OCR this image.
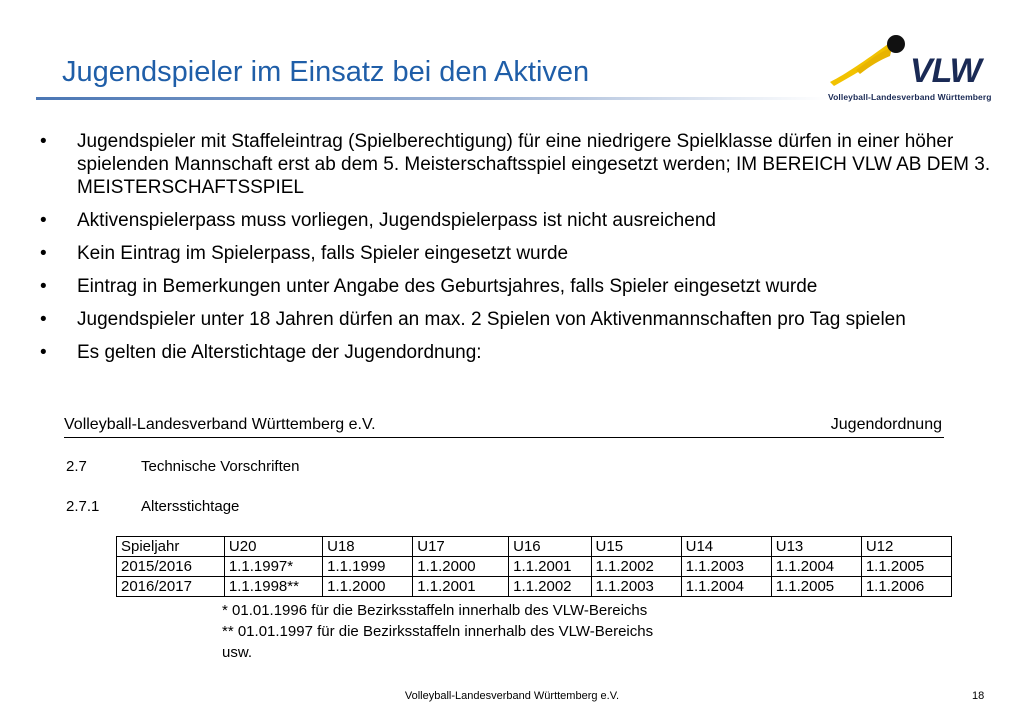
Jugendspieler im Einsatz bei den Aktiven	VLW
Volleyball-Landesverband Württemberg
• Jugendspieler mit Staffeleintrag (Spielberechtigung) für eine niedrigere Spielklasse dürfen in einer höher spielenden Mannschaft erst ab dem 5. Meisterschaftsspiel eingesetzt werden; IM BEREICH VLW AB DEM 3. MEISTERSCHAFTSSPIEL
• Aktivenspielerpass muss vorliegen, Jugendspielerpass ist nicht ausreichend
• Kein Eintrag im Spielerpass, falls Spieler eingesetzt wurde
• Eintrag in Bemerkungen unter Angabe des Geburtsjahres, falls Spieler eingesetzt wurde
• Jugendspieler unter 18 Jahren dürfen an max. 2 Spielen von Aktivenmannschaften pro Tag spielen
• Es gelten die Alterstichtage der Jugendordnung:
Volleyball-Landesverband Württemberg e.V.	Jugendordnung
2.7	Technische Vorschriften
2.7.1	Altersstichtage
Spieljahr	U20	U18	U17	U16	U15	U14	U13	U12
2015/2016	1.1.1997*	1.1.1999	1.1.2000	1.1.2001	1.1.2002	1.1.2003	1.1.2004	1.1.2005
2016/2017	1.1.1998**	1.1.2000	1.1.2001	1.1.2002	1.1.2003	1.1.2004	1.1.2005	1.1.2006
* 01.01.1996 für die Bezirksstaffeln innerhalb des VLW-Bereichs
** 01.01.1997 für die Bezirksstaffeln innerhalb des VLW-Bereichs
usw.
Volleyball-Landesverband Württemberg e.V.	18
